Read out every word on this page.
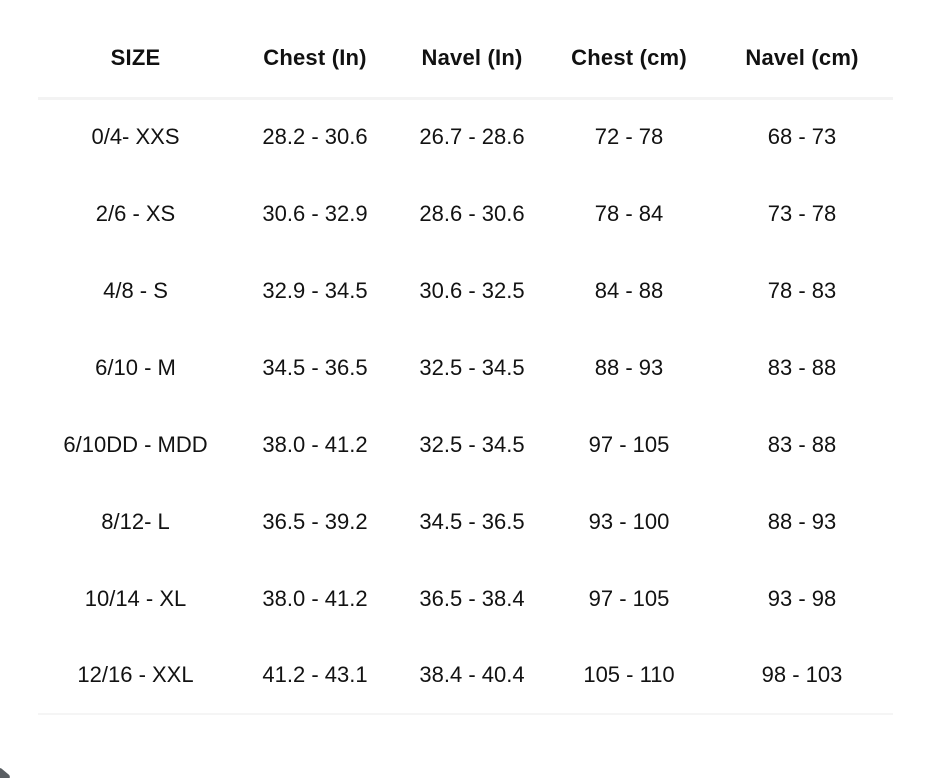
SIZE	Chest (In)	Navel (In)	Chest (cm)	Navel (cm)
0/4- XXS	28.2 - 30.6	26.7 - 28.6	72 - 78	68 - 73
2/6 - XS	30.6 - 32.9	28.6 - 30.6	78 - 84	73 - 78
4/8 - S	32.9 - 34.5	30.6 - 32.5	84 - 88	78 - 83
6/10 - M	34.5 - 36.5	32.5 - 34.5	88 - 93	83 - 88
6/10DD - MDD	38.0 - 41.2	32.5 - 34.5	97 - 105	83 - 88
8/12- L	36.5 - 39.2	34.5 - 36.5	93 - 100	88 - 93
10/14 - XL	38.0 - 41.2	36.5 - 38.4	97 - 105	93 - 98
12/16 - XXL	41.2 - 43.1	38.4 - 40.4	105 - 110	98 - 103
